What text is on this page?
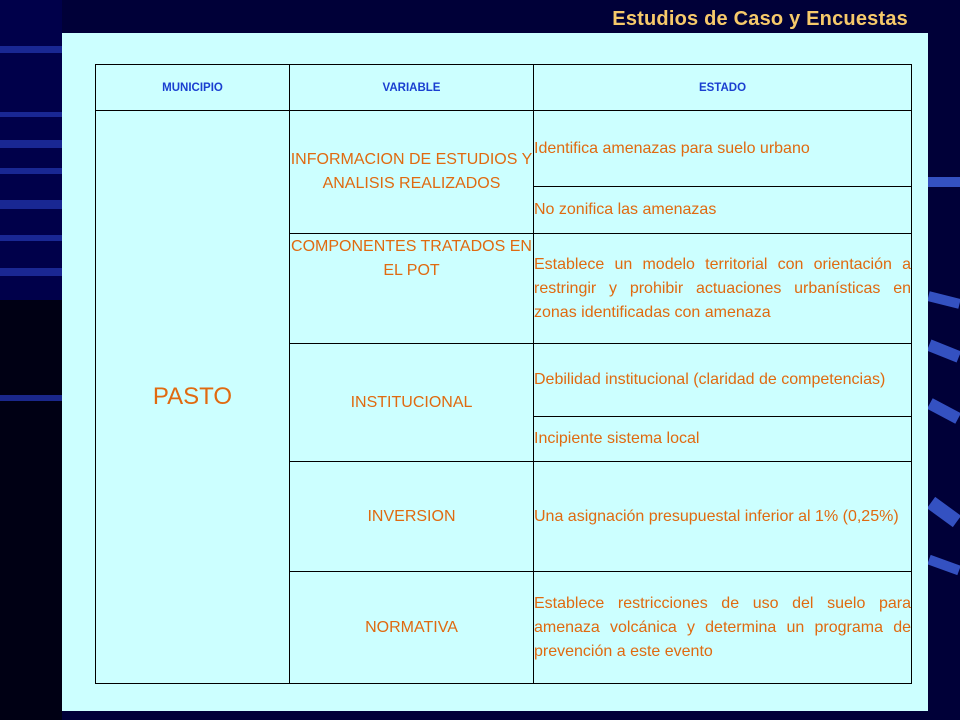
Estudios de Caso y Encuestas
MUNICIPIO	VARIABLE	ESTADO
PASTO	INFORMACION DE ESTUDIOS Y ANALISIS REALIZADOS	Identifica amenazas para suelo urbano

		No zonifica las amenazas

	COMPONENTES TRATADOS EN EL POT	Establece un modelo territorial con orientación a restringir y prohibir actuaciones urbanísticas en zonas identificadas con amenaza

	INSTITUCIONAL	Debilidad institucional (claridad de competencias)

		Incipiente sistema local

	INVERSION	Una asignación presupuestal inferior al 1% (0,25%)

	NORMATIVA	Establece restricciones de uso del suelo para amenaza volcánica y determina un programa de prevención a este evento
